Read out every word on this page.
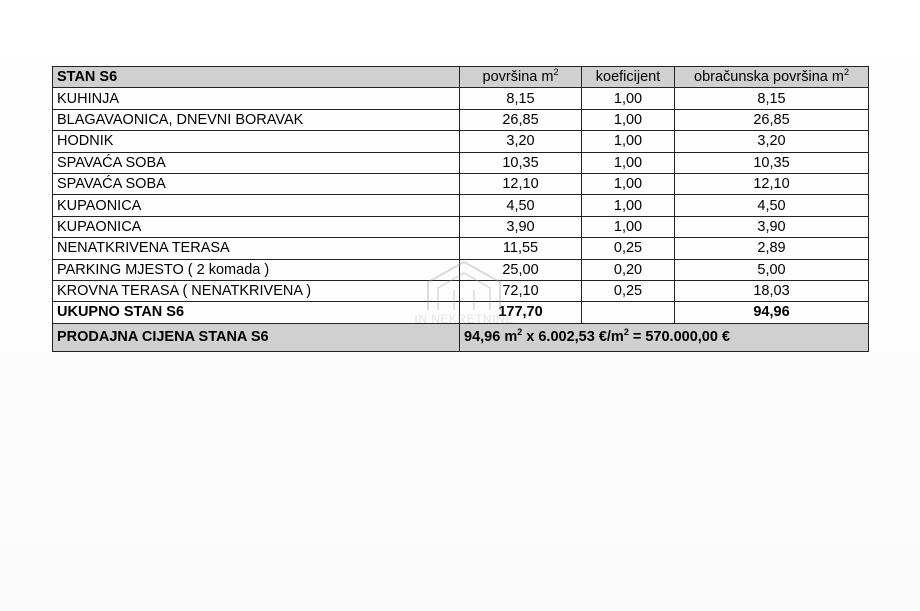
STAN S6	površina $m^2$	koeficijent	obračunska površina $m^2$
KUHINJA	8,15	1,00	8,15
BLAGAVAONICA, DNEVNI BORAVAK	26,85	1,00	26,85
HODNIK	3,20	1,00	3,20
SPAVAĆA SOBA	10,35	1,00	10,35
SPAVAĆA SOBA	12,10	1,00	12,10
KUPAONICA	4,50	1,00	4,50
KUPAONICA	3,90	1,00	3,90
NENATKRIVENA TERASA	11,55	0,25	2,89
PARKING MJESTO ( 2 komada )	25,00	0,20	5,00
KROVNA TERASA ( NENATKRIVENA )	72,10	0,25	18,03
UKUPNO STAN S6	177,70		94,96
PRODAJNA CIJENA STANA S6	94,96 $m^2$ x 6.002,53 $€/m^2 = 570.000,00$ €		
IN NEKRETNINE
